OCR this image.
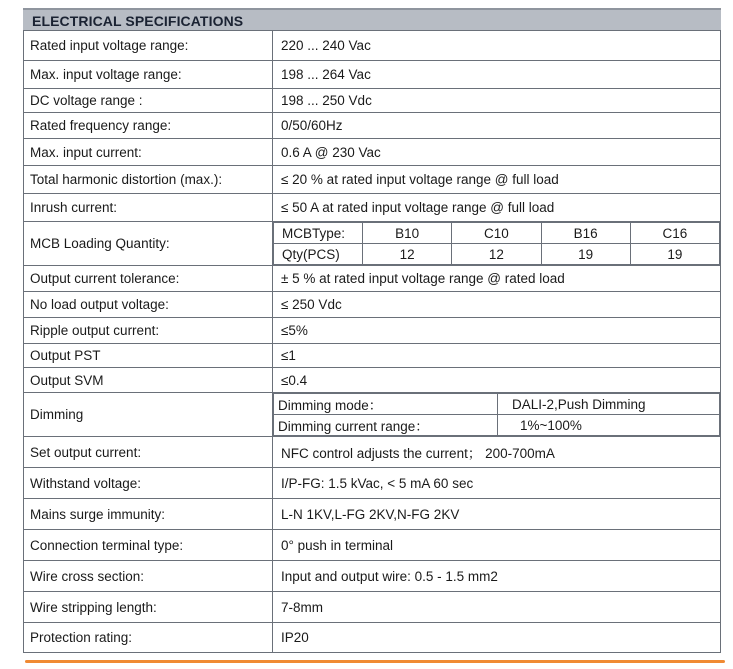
ELECTRICAL SPECIFICATIONS
Rated input voltage range:	220 ... 240 Vac
Max. input voltage range:	198 ... 264 Vac
DC voltage range :	198 ... 250 Vdc
Rated frequency range:	0/50/60Hz
Max. input current:	0.6 A @ 230 Vac
Total harmonic distortion (max.):	≤ 20 % at rated input voltage range @ full load
Inrush current:	≤ 50 A at rated input voltage range @ full load
MCB Loading Quantity:	
MCBType:	B10	C10	B16	C16
Qty(PCS)	12	12	19	19

Output current tolerance:	± 5 % at rated input voltage range @ rated load
No load output voltage:	≤ 250 Vdc
Ripple output current:	≤5%
Output PST	≤1
Output SVM	≤0.4
Dimming	
Dimming mode：	DALI-2,Push Dimming
Dimming current range：	1%~100%

Set output current:	NFC control adjusts the current； 200-700mA
Withstand voltage:	I/P-FG: 1.5 kVac, < 5 mA 60 sec
Mains surge immunity:	L-N 1KV,L-FG 2KV,N-FG 2KV
Connection terminal type:	0° push in terminal
Wire cross section:	Input and output wire: 0.5 - 1.5 mm2
Wire stripping length:	7-8mm
Protection rating:	IP20
